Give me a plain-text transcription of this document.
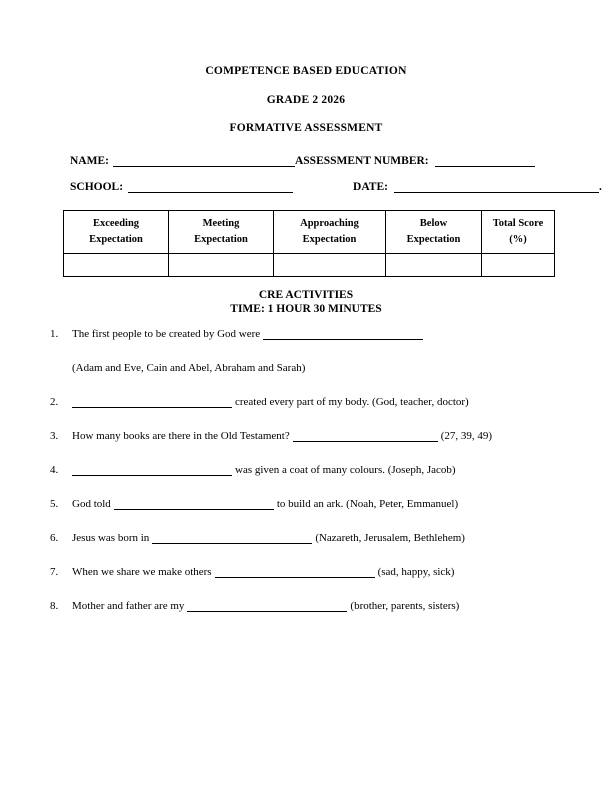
COMPETENCE BASED EDUCATION
GRADE 2 2026
FORMATIVE ASSESSMENT
NAME:	ASSESSMENT NUMBER:
SCHOOL:	DATE:	.
Exceeding
Expectation

Meeting
Expectation

Approaching
Expectation

Below
Expectation

Total Score
(%)

CRE ACTIVITIES
TIME: 1 HOUR 30 MINUTES
1.	The first people to be created by God were
(Adam and Eve, Cain and Abel, Abraham and Sarah)
2.	created every part of my body. (God, teacher, doctor)
3.	How many books are there in the Old Testament?	(27, 39, 49)
4.	was given a coat of many colours. (Joseph, Jacob)
5.	God told	to build an ark. (Noah, Peter, Emmanuel)
6.	Jesus was born in	(Nazareth, Jerusalem, Bethlehem)
7.	When we share we make others	(sad, happy, sick)
8.	Mother and father are my	(brother, parents, sisters)
